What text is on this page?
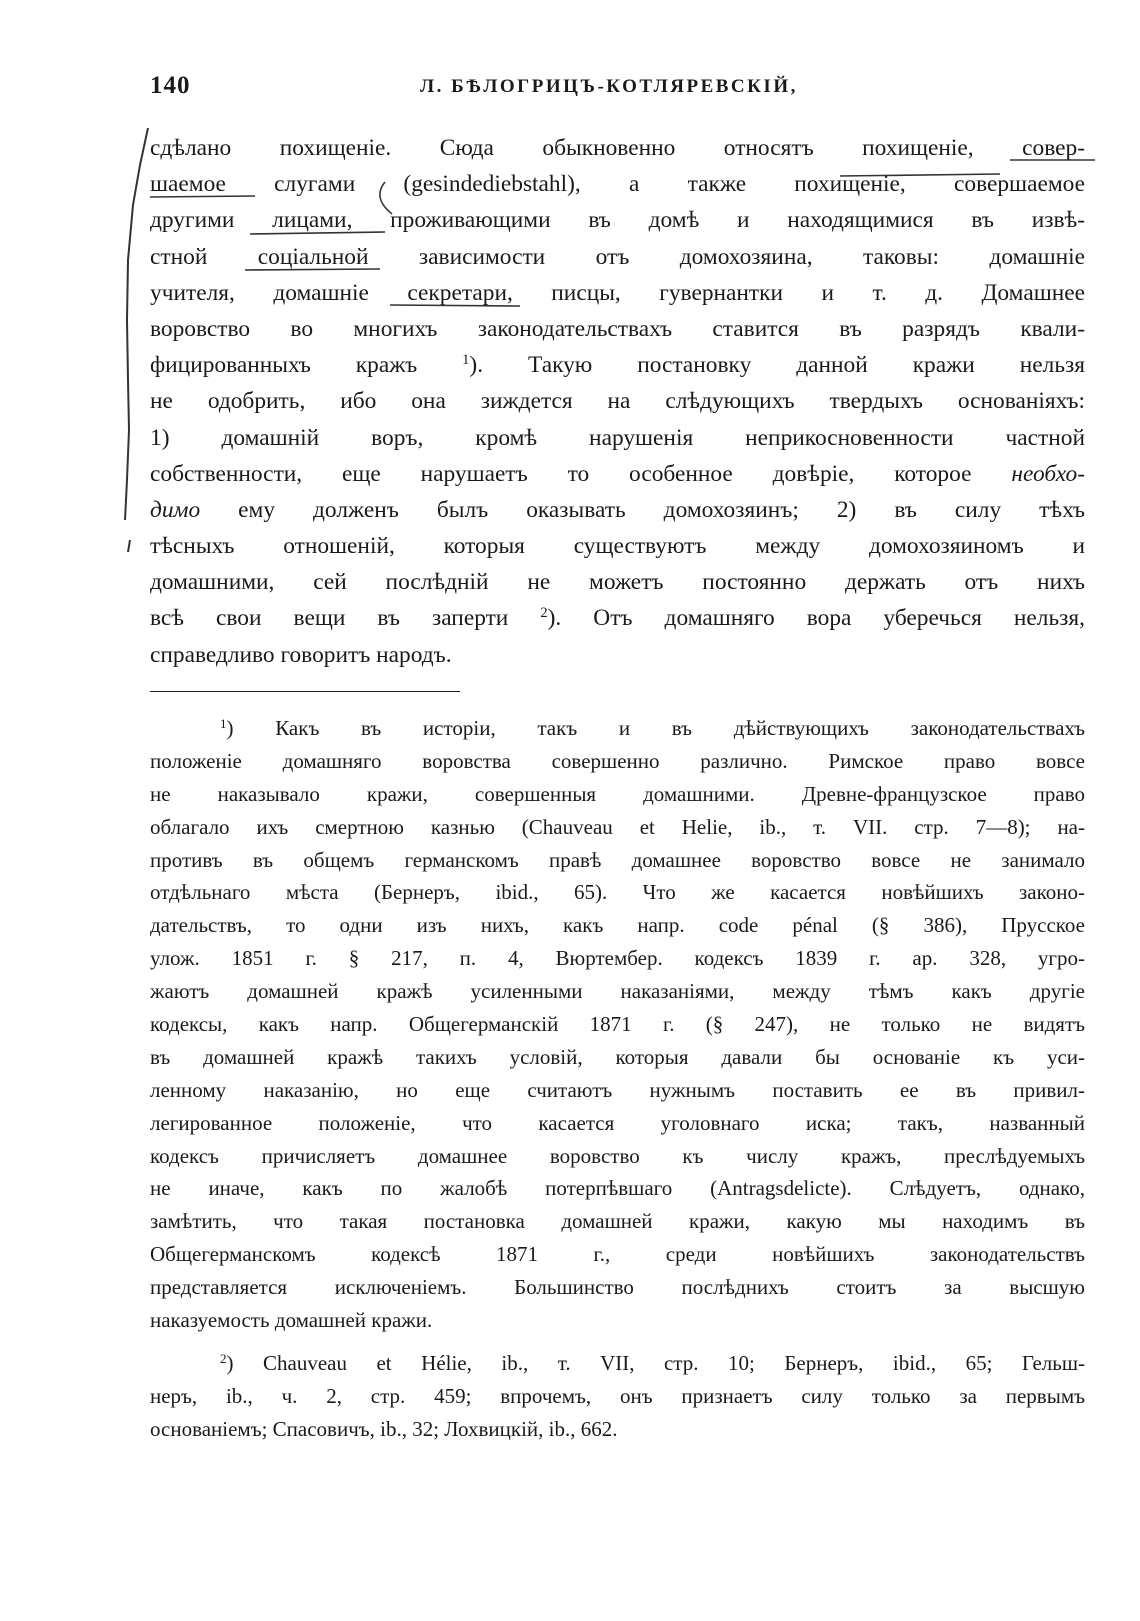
140	Л. БѢЛОГРИЦЪ-КОТЛЯРЕВСКІЙ,
сдѣлано похищеніе. Сюда обыкновенно относятъ похищеніе, совер-
шаемое слугами (gesindediebstahl), а также похищеніе, совершаемое
другими лицами, проживающими въ домѣ и находящимися въ извѣ-
стной соціальной зависимости отъ домохозяина, таковы: домашніе
учителя, домашніе секретари, писцы, гувернантки и т. д. Домашнее
воровство во многихъ законодательствахъ ставится въ разрядъ квали-
фицированныхъ кражъ	$^1$). Такую постановку данной кражи нельзя
не одобрить, ибо она зиждется на слѣдующихъ твердыхъ основаніяхъ:
1) домашній воръ, кромѣ нарушенія неприкосновенности частной
собственности, еще нарушаетъ то особенное довѣріе, которое необхо-
димо ему долженъ былъ оказывать домохозяинъ; 2) въ силу тѣхъ
тѣсныхъ отношеній, которыя существуютъ между домохозяиномъ и
домашними, сей послѣдній не можетъ постоянно держать отъ нихъ
всѣ свои вещи въ заперти $^2$). Отъ домашняго вора уберечься нельзя,
справедливо говоритъ народъ.
$^1$) Какъ въ исторіи, такъ и въ дѣйствующихъ законодательствахъ
положеніе домашняго воровства совершенно различно. Римское право вовсе
не наказывало кражи, совершенныя домашними. Древне-французское право
облагало ихъ смертною казнью (Chauveau et Helie, ib., т. VII. стр. 7—8); на-
противъ въ общемъ германскомъ правѣ домашнее воровство вовсе не занимало
отдѣльнаго мѣста (Бернеръ, ibid., 65). Что же касается новѣйшихъ законо-
дательствъ, то одни изъ нихъ, какъ напр. code pénal (§ 386), Прусское
улож. 1851 г. § 217, п. 4, Вюртембер. кодексъ 1839 г. ар. 328, угро-
жаютъ домашней кражѣ усиленными наказаніями, между тѣмъ какъ другіе
кодексы, какъ напр. Общегерманскій 1871 г. (§ 247), не только не видятъ
въ домашней кражѣ такихъ условій, которыя давали бы основаніе къ уси-
ленному наказанію, но еще считаютъ нужнымъ поставить ее въ привил-
легированное положеніе, что касается уголовнаго иска; такъ, названный
кодексъ причисляетъ домашнее воровство къ числу кражъ, преслѣдуемыхъ
не иначе, какъ по жалобѣ потерпѣвшаго (Antragsdelicte). Слѣдуетъ, однако,
замѣтить, что такая постановка домашней кражи, какую мы находимъ въ
Общегерманскомъ кодексѣ 1871 г., среди новѣйшихъ законодательствъ
представляется исключеніемъ. Большинство послѣднихъ стоитъ за высшую
наказуемость домашней кражи.
$^2$) Chauveau et Hélie, ib., т. VII, стр. 10; Бернеръ, ibid., 65; Гельш-
неръ, ib., ч. 2, стр. 459; впрочемъ, онъ признаетъ силу только за первымъ
основаніемъ; Спасовичъ, ib., 32; Лохвицкій, ib., 662.
